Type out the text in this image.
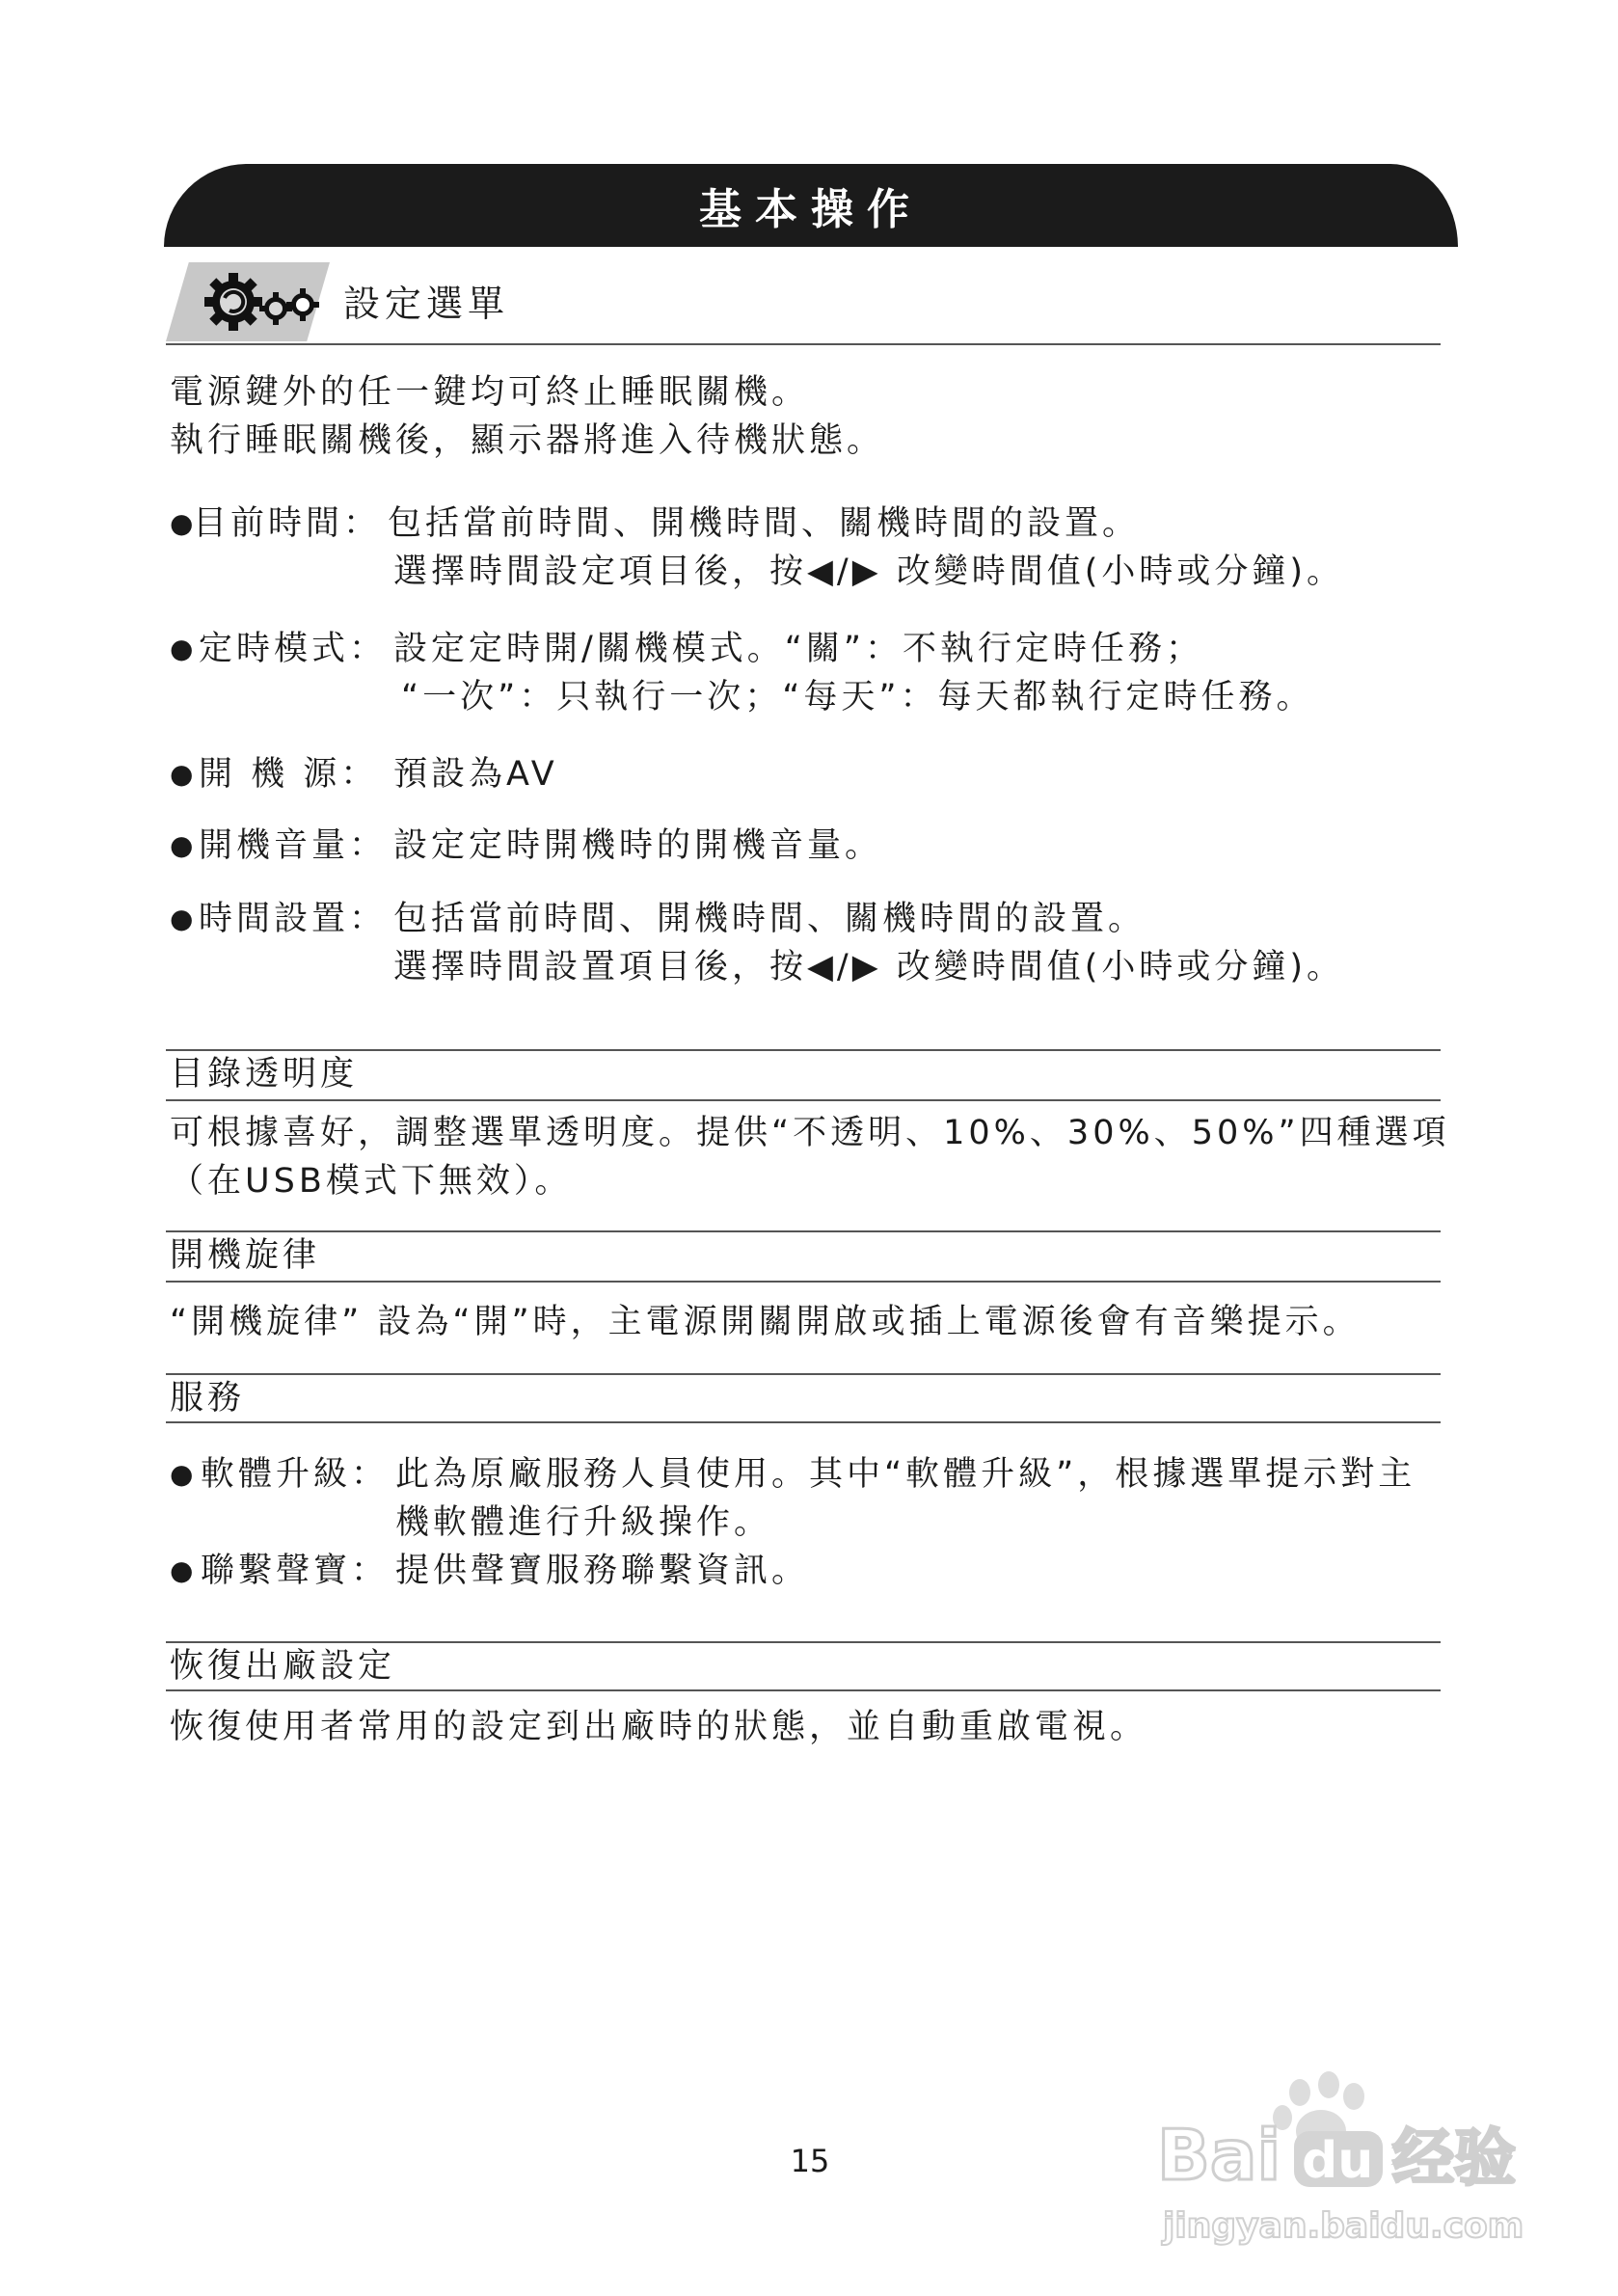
基本操作
設定選單
電源鍵外的任一鍵均可終止睡眠關機。
執行睡眠關機後，顯示器將進入待機狀態。
● 目前時間： 包括當前時間、開機時間、關機時間的設置。
選擇時間設定項目後，按◀/▶ 改變時間值(小時或分鐘)。
● 定時模式： 設定定時開/關機模式。“關”：不執行定時任務；
“一次”：只執行一次；“每天”：每天都執行定時任務。
● 開 機 源： 預設為AV
● 開機音量： 設定定時開機時的開機音量。
● 時間設置： 包括當前時間、開機時間、關機時間的設置。
選擇時間設置項目後，按◀/▶ 改變時間值(小時或分鐘)。
目錄透明度
可根據喜好，調整選單透明度。提供“不透明、10%、30%、50%”四種選項
（在USB模式下無效）。
開機旋律
“開機旋律” 設為“開”時，主電源開關開啟或插上電源後會有音樂提示。
服務
● 軟體升級： 此為原廠服務人員使用。其中“軟體升級”，根據選單提示對主
機軟體進行升級操作。
● 聯繫聲寶： 提供聲寶服務聯繫資訊。
恢復出廠設定
恢復使用者常用的設定到出廠時的狀態，並自動重啟電視。
15	Bai du 经验
jingyan.baidu.com
